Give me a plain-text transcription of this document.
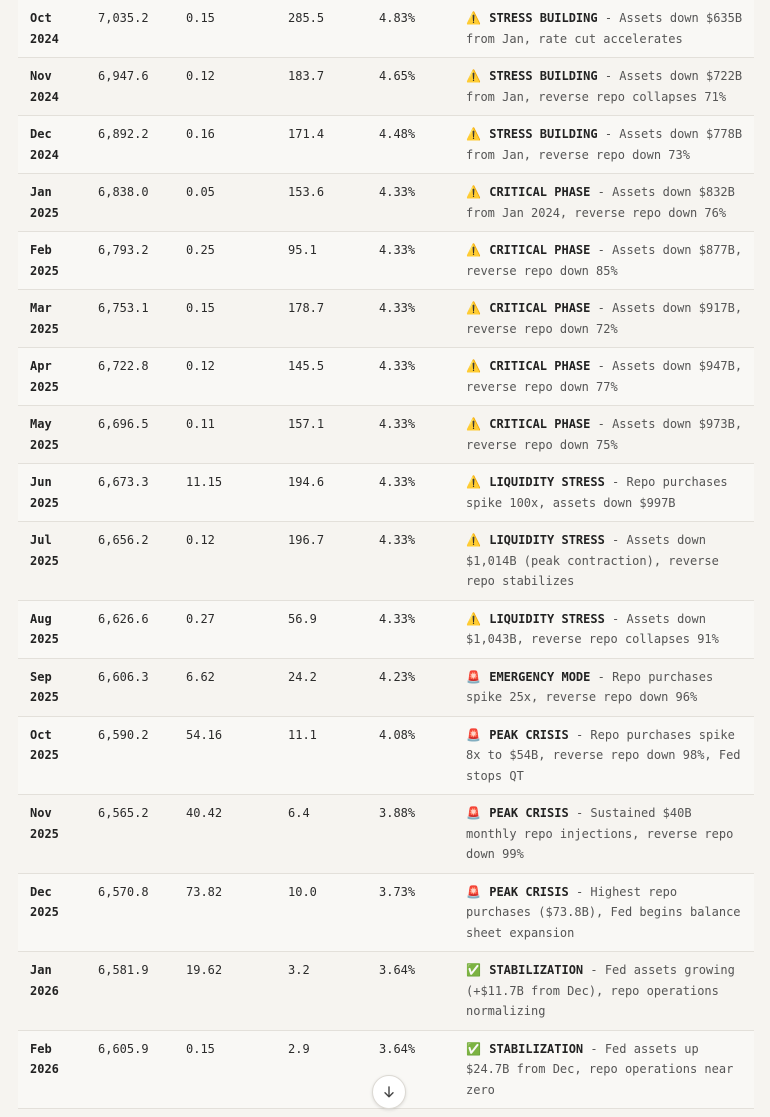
Oct
2024	7,035.2	0.15	285.5	4.83%	⚠️ STRESS BUILDING - Assets down $635B from Jan, rate cut accelerates
Nov
2024	6,947.6	0.12	183.7	4.65%	⚠️ STRESS BUILDING - Assets down $722B from Jan, reverse repo collapses 71%
Dec
2024	6,892.2	0.16	171.4	4.48%	⚠️ STRESS BUILDING - Assets down $778B from Jan, reverse repo down 73%
Jan
2025	6,838.0	0.05	153.6	4.33%	⚠️ CRITICAL PHASE - Assets down $832B from Jan 2024, reverse repo down 76%
Feb
2025	6,793.2	0.25	95.1	4.33%	⚠️ CRITICAL PHASE - Assets down $877B, reverse repo down 85%
Mar
2025	6,753.1	0.15	178.7	4.33%	⚠️ CRITICAL PHASE - Assets down $917B, reverse repo down 72%
Apr
2025	6,722.8	0.12	145.5	4.33%	⚠️ CRITICAL PHASE - Assets down $947B, reverse repo down 77%
May
2025	6,696.5	0.11	157.1	4.33%	⚠️ CRITICAL PHASE - Assets down $973B, reverse repo down 75%
Jun
2025	6,673.3	11.15	194.6	4.33%	⚠️ LIQUIDITY STRESS - Repo purchases spike 100x, assets down $997B
Jul
2025	6,656.2	0.12	196.7	4.33%	⚠️ LIQUIDITY STRESS - Assets down $1,014B (peak contraction), reverse repo stabilizes
Aug
2025	6,626.6	0.27	56.9	4.33%	⚠️ LIQUIDITY STRESS - Assets down $1,043B, reverse repo collapses 91%
Sep
2025	6,606.3	6.62	24.2	4.23%	🚨 EMERGENCY MODE - Repo purchases spike 25x, reverse repo down 96%
Oct
2025	6,590.2	54.16	11.1	4.08%	🚨 PEAK CRISIS - Repo purchases spike 8x to $54B, reverse repo down 98%, Fed stops QT
Nov
2025	6,565.2	40.42	6.4	3.88%	🚨 PEAK CRISIS - Sustained $40B monthly repo injections, reverse repo down 99%
Dec
2025	6,570.8	73.82	10.0	3.73%	🚨 PEAK CRISIS - Highest repo purchases ($73.8B), Fed begins balance sheet expansion
Jan
2026	6,581.9	19.62	3.2	3.64%	✅ STABILIZATION - Fed assets growing (+$11.7B from Dec), repo operations normalizing
Feb
2026	6,605.9	0.15	2.9	3.64%	✅ STABILIZATION - Fed assets up $24.7B from Dec, repo operations near zero
